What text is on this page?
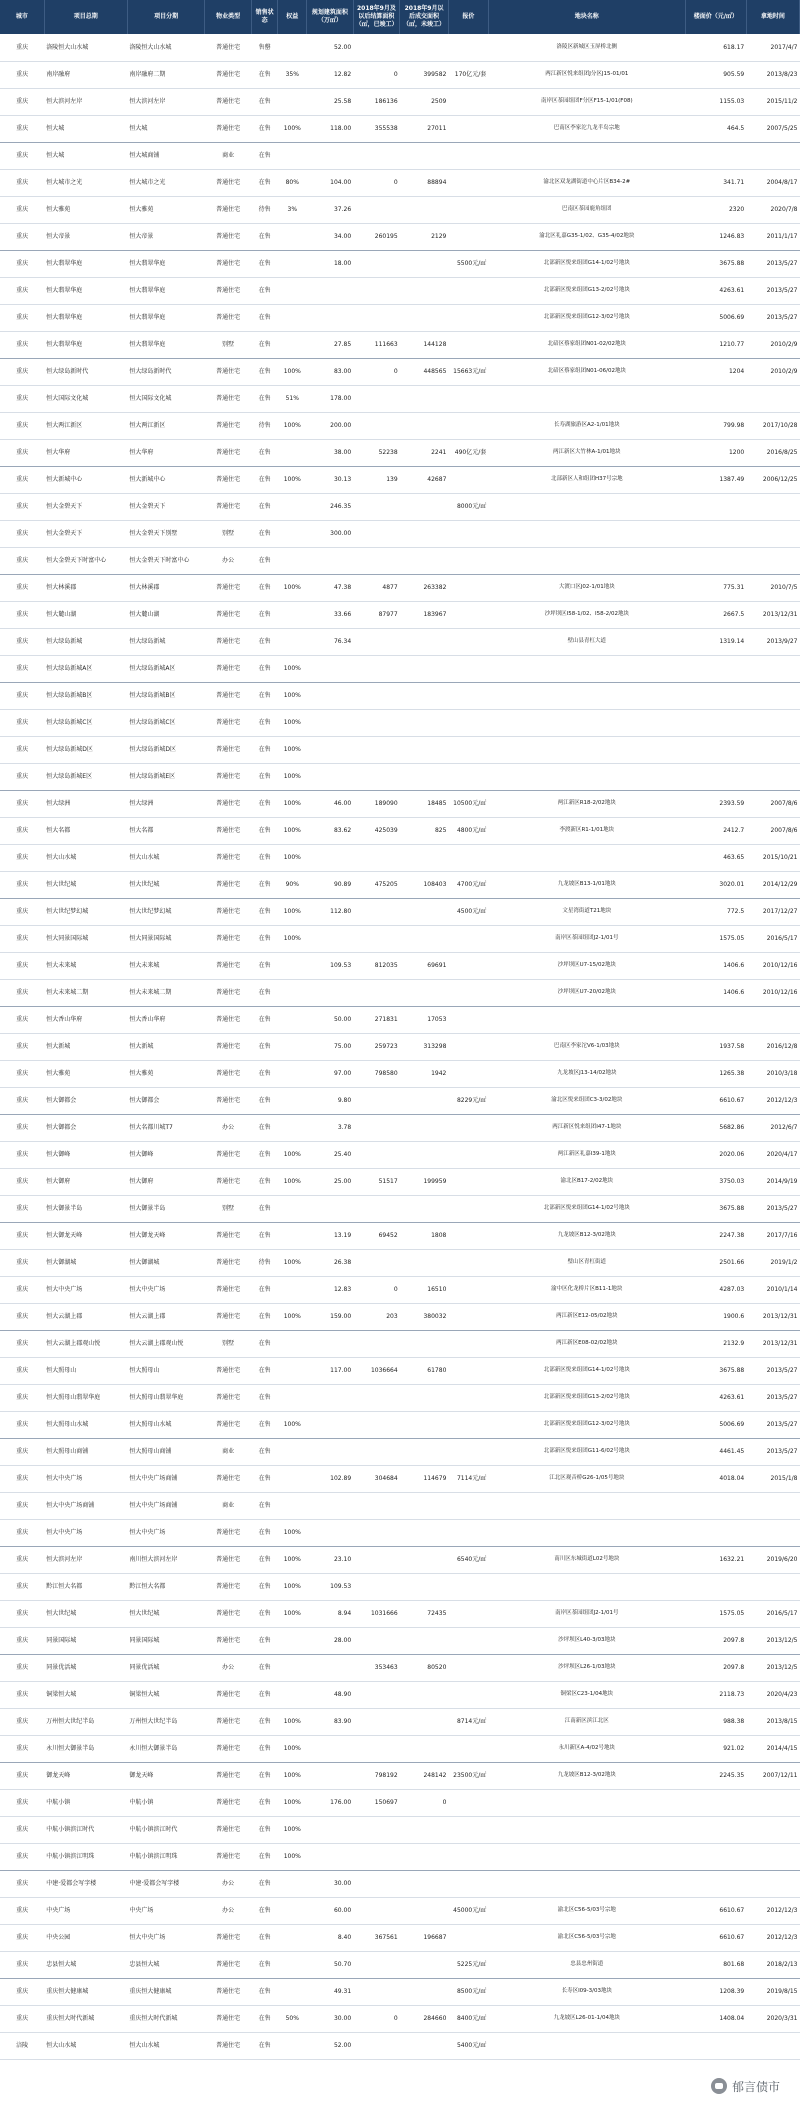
城市	项目总期	项目分期	物业类型	销售状态	权益	规划建筑面积（万㎡）	2018年9月及以后结算面积（㎡，已竣工）	2018年9月以后成交面积（㎡，未竣工）	报价	地块名称	楼面价（元/㎡）	拿地时间
重庆	洛陵恒大山水城	洛陵恒大山水城	普通住宅	售罄		52.00				洛陵区新城区玉屏桥北侧	618.17	2017/4/7
重庆	南岸融府	南岸融府二期	普通住宅	在售	35%	12.82	0	399582	170亿元/套	两江新区悦来组团J分区J15-01/01	905.59	2013/8/23
重庆	恒大滨河左岸	恒大滨河左岸	普通住宅	在售		25.58	186136	2509		南岸区茶园组团F分区F15-1/01(F08)	1155.03	2015/11/2
重庆	恒大城	恒大城	普通住宅	在售	100%	118.00	355538	27011		巴南区李家沱九龙半岛宗地	464.5	2007/5/25
重庆	恒大城	恒大城商铺	商业	在售								
重庆	恒大城市之光	恒大城市之光	普通住宅	在售	80%	104.00	0	88894		渝北区双龙湖街道中心片区B34-2#	341.71	2004/8/17
重庆	恒大雅苑	恒大雅苑	普通住宅	待售	3%	37.26				巴南区茶园鹿角组团	2320	2020/7/8
重庆	恒大帝景	恒大帝景	普通住宅	在售		34.00	260195	2129		渝北区礼嘉G35-1/02、G35-4/02地块	1246.83	2011/1/17
重庆	恒大翡翠华庭	恒大翡翠华庭	普通住宅	在售		18.00			5500元/㎡	北部新区悦来组团G14-1/02号地块	3675.88	2013/5/27
重庆	恒大翡翠华庭	恒大翡翠华庭	普通住宅	在售						北部新区悦来组团G13-2/02号地块	4263.61	2013/5/27
重庆	恒大翡翠华庭	恒大翡翠华庭	普通住宅	在售						北部新区悦来组团G12-3/02号地块	5006.69	2013/5/27
重庆	恒大翡翠华庭	恒大翡翠华庭	别墅	在售		27.85	111663	144128		北碚区蔡家组团N01-02/02地块	1210.77	2010/2/9
重庆	恒大绿岛新时代	恒大绿岛新时代	普通住宅	在售	100%	83.00	0	448565	15663元/㎡	北碚区蔡家组团N01-06/02地块	1204	2010/2/9
重庆	恒大国际文化城	恒大国际文化城	普通住宅	在售	51%	178.00						
重庆	恒大两江新区	恒大两江新区	普通住宅	待售	100%	200.00				长寿湖旅游区A2-1/01地块	799.98	2017/10/28
重庆	恒大华府	恒大华府	普通住宅	在售		38.00	52238	2241	490亿元/套	两江新区大竹林A-1/01地块	1200	2016/8/25
重庆	恒大新城中心	恒大新城中心	普通住宅	在售	100%	30.13	139	42687		北部新区人和组团H37号宗地	1387.49	2006/12/25
重庆	恒大金碧天下	恒大金碧天下	普通住宅	在售		246.35			8000元/㎡			
重庆	恒大金碧天下	恒大金碧天下别墅	别墅	在售		300.00						
重庆	恒大金碧天下时富中心	恒大金碧天下时富中心	办公	在售								
重庆	恒大林溪郡	恒大林溪郡	普通住宅	在售	100%	47.38	4877	263382		大渡口区J02-1/01地块	775.31	2010/7/5
重庆	恒大麓山湖	恒大麓山湖	普通住宅	在售		33.66	87977	183967		沙坪坝区I58-1/02、I58-2/02地块	2667.5	2013/12/31
重庆	恒大绿岛新城	恒大绿岛新城	普通住宅	在售		76.34				壁山县青杠大道	1319.14	2013/9/27
重庆	恒大绿岛新城A区	恒大绿岛新城A区	普通住宅	在售	100%							
重庆	恒大绿岛新城B区	恒大绿岛新城B区	普通住宅	在售	100%							
重庆	恒大绿岛新城C区	恒大绿岛新城C区	普通住宅	在售	100%							
重庆	恒大绿岛新城D区	恒大绿岛新城D区	普通住宅	在售	100%							
重庆	恒大绿岛新城E区	恒大绿岛新城E区	普通住宅	在售	100%							
重庆	恒大绿洲	恒大绿洲	普通住宅	在售	100%	46.00	189090	18485	10500元/㎡	两江新区R18-2/02地块	2393.59	2007/8/6
重庆	恒大名都	恒大名都	普通住宅	在售	100%	83.62	425039	825	4800元/㎡	李渡新区R1-1/01地块	2412.7	2007/8/6
重庆	恒大山水城	恒大山水城	普通住宅	在售	100%						463.65	2015/10/21
重庆	恒大世纪城	恒大世纪城	普通住宅	在售	90%	90.89	475205	108403	4700元/㎡	九龙坡区B13-1/01地块	3020.01	2014/12/29
重庆	恒大世纪梦幻城	恒大世纪梦幻城	普通住宅	在售	100%	112.80			4500元/㎡	文星湾街道T21地块	772.5	2017/12/27
重庆	恒大同景国际城	恒大同景国际城	普通住宅	在售	100%					南岸区茶园组团J2-1/01号	1575.05	2016/5/17
重庆	恒大未来城	恒大未来城	普通住宅	在售		109.53	812035	69691		沙坪坝区U7-15/02地块	1406.6	2010/12/16
重庆	恒大未来城二期	恒大未来城二期	普通住宅	在售						沙坪坝区U7-20/02地块	1406.6	2010/12/16
重庆	恒大香山华府	恒大香山华府	普通住宅	在售		50.00	271831	17053				
重庆	恒大新城	恒大新城	普通住宅	在售		75.00	259723	313298		巴南区李家沱V6-1/03地块	1937.58	2016/12/8
重庆	恒大雅苑	恒大雅苑	普通住宅	在售		97.00	798580	1942		九龙坡区J13-14/02地块	1265.38	2010/3/18
重庆	恒大御都会	恒大御都会	普通住宅	在售		9.80			8229元/㎡	渝北区悦来组团C3-3/02地块	6610.67	2012/12/3
重庆	恒大御都会	恒大名都川城T7	办公	在售		3.78				两江新区悦来组团I47-1地块	5682.86	2012/6/7
重庆	恒大御峰	恒大御峰	普通住宅	在售	100%	25.40				两江新区礼嘉I39-1地块	2020.06	2020/4/17
重庆	恒大御府	恒大御府	普通住宅	在售	100%	25.00	51517	199959		渝北区B17-2/02地块	3750.03	2014/9/19
重庆	恒大御景半岛	恒大御景半岛	别墅	在售						北部新区悦来组团G14-1/02号地块	3675.88	2013/5/27
重庆	恒大御龙天峰	恒大御龙天峰	普通住宅	在售		13.19	69452	1808		九龙坡区B12-3/02地块	2247.38	2017/7/16
重庆	恒大御湖城	恒大御湖城	普通住宅	待售	100%	26.38				璧山区青杠街道	2501.66	2019/1/2
重庆	恒大中央广场	恒大中央广场	普通住宅	在售		12.83	0	16510		渝中区化龙桥片区B11-1地块	4287.03	2010/1/14
重庆	恒大云湖上郡	恒大云湖上郡	普通住宅	在售	100%	159.00	203	380032		两江新区E12-05/02地块	1900.6	2013/12/31
重庆	恒大云湖上郡观山悦	恒大云湖上郡观山悦	别墅	在售						两江新区E08-02/02地块	2132.9	2013/12/31
重庆	恒大照母山	恒大照母山	普通住宅	在售		117.00	1036664	61780		北部新区悦来组团G14-1/02号地块	3675.88	2013/5/27
重庆	恒大照母山翡翠华庭	恒大照母山翡翠华庭	普通住宅	在售						北部新区悦来组团G13-2/02号地块	4263.61	2013/5/27
重庆	恒大照母山水城	恒大照母山水城	普通住宅	在售	100%					北部新区悦来组团G12-3/02号地块	5006.69	2013/5/27
重庆	恒大照母山商铺	恒大照母山商铺	商业	在售						北部新区悦来组团G11-6/02号地块	4461.45	2013/5/27
重庆	恒大中央广场	恒大中央广场商铺	普通住宅	在售		102.89	304684	114679	7114元/㎡	江北区观音桥G26-1/05号地块	4018.04	2015/1/8
重庆	恒大中央广场商铺	恒大中央广场商铺	商业	在售								
重庆	恒大中央广场	恒大中央广场	普通住宅	在售	100%							
重庆	恒大滨河左岸	南川恒大滨河左岸	普通住宅	在售	100%	23.10			6540元/㎡	南川区东城街道L02号地块	1632.21	2019/6/20
重庆	黔江恒大名都	黔江恒大名都	普通住宅	在售	100%	109.53						
重庆	恒大世纪城	恒大世纪城	普通住宅	在售	100%	8.94	1031666	72435		南岸区茶园组团J2-1/01号	1575.05	2016/5/17
重庆	同景国际城	同景国际城	普通住宅	在售		28.00				沙坪坝区L40-3/03地块	2097.8	2013/12/5
重庆	同景优活城	同景优活城	办公	在售			353463	80520		沙坪坝区L26-1/03地块	2097.8	2013/12/5
重庆	铜梁恒大城	铜梁恒大城	普通住宅	在售		48.90				铜梁区C23-1/04地块	2118.73	2020/4/23
重庆	万州恒大世纪半岛	万州恒大世纪半岛	普通住宅	在售	100%	83.90			8714元/㎡	江南新区滨江北区	988.38	2013/8/15
重庆	永川恒大御景半岛	永川恒大御景半岛	普通住宅	在售	100%					永川新区A-4/02号地块	921.02	2014/4/15
重庆	御龙天峰	御龙天峰	普通住宅	在售	100%		798192	248142	23500元/㎡	九龙坡区B12-3/02地块	2245.35	2007/12/11
重庆	中航小镇	中航小镇	普通住宅	在售	100%	176.00	150697	0				
重庆	中航小镇滨江时代	中航小镇滨江时代	普通住宅	在售	100%							
重庆	中航小镇滨江明珠	中航小镇滨江明珠	普通住宅	在售	100%							
重庆	中建·爱都会写字楼	中建·爱都会写字楼	办公	在售		30.00						
重庆	中央广场	中央广场	办公	在售		60.00			45000元/㎡	渝北区C56-5/03号宗地	6610.67	2012/12/3
重庆	中央公园	恒大中央广场	普通住宅	在售		8.40	367561	196687		渝北区C56-5/03号宗地	6610.67	2012/12/3
重庆	忠县恒大城	忠县恒大城	普通住宅	在售		50.70			5225元/㎡	忠县忠州街道	801.68	2018/2/13
重庆	重庆恒大健康城	重庆恒大健康城	普通住宅	在售		49.31			8500元/㎡	长寿区I09-3/03地块	1208.39	2019/8/15
重庆	重庆恒大时代新城	重庆恒大时代新城	普通住宅	在售	50%	30.00	0	284660	8400元/㎡	九龙坡区L26-01-1/04地块	1408.04	2020/3/31
涪陵	恒大山水城	恒大山水城	普通住宅	在售		52.00			5400元/㎡			
郁言债市
